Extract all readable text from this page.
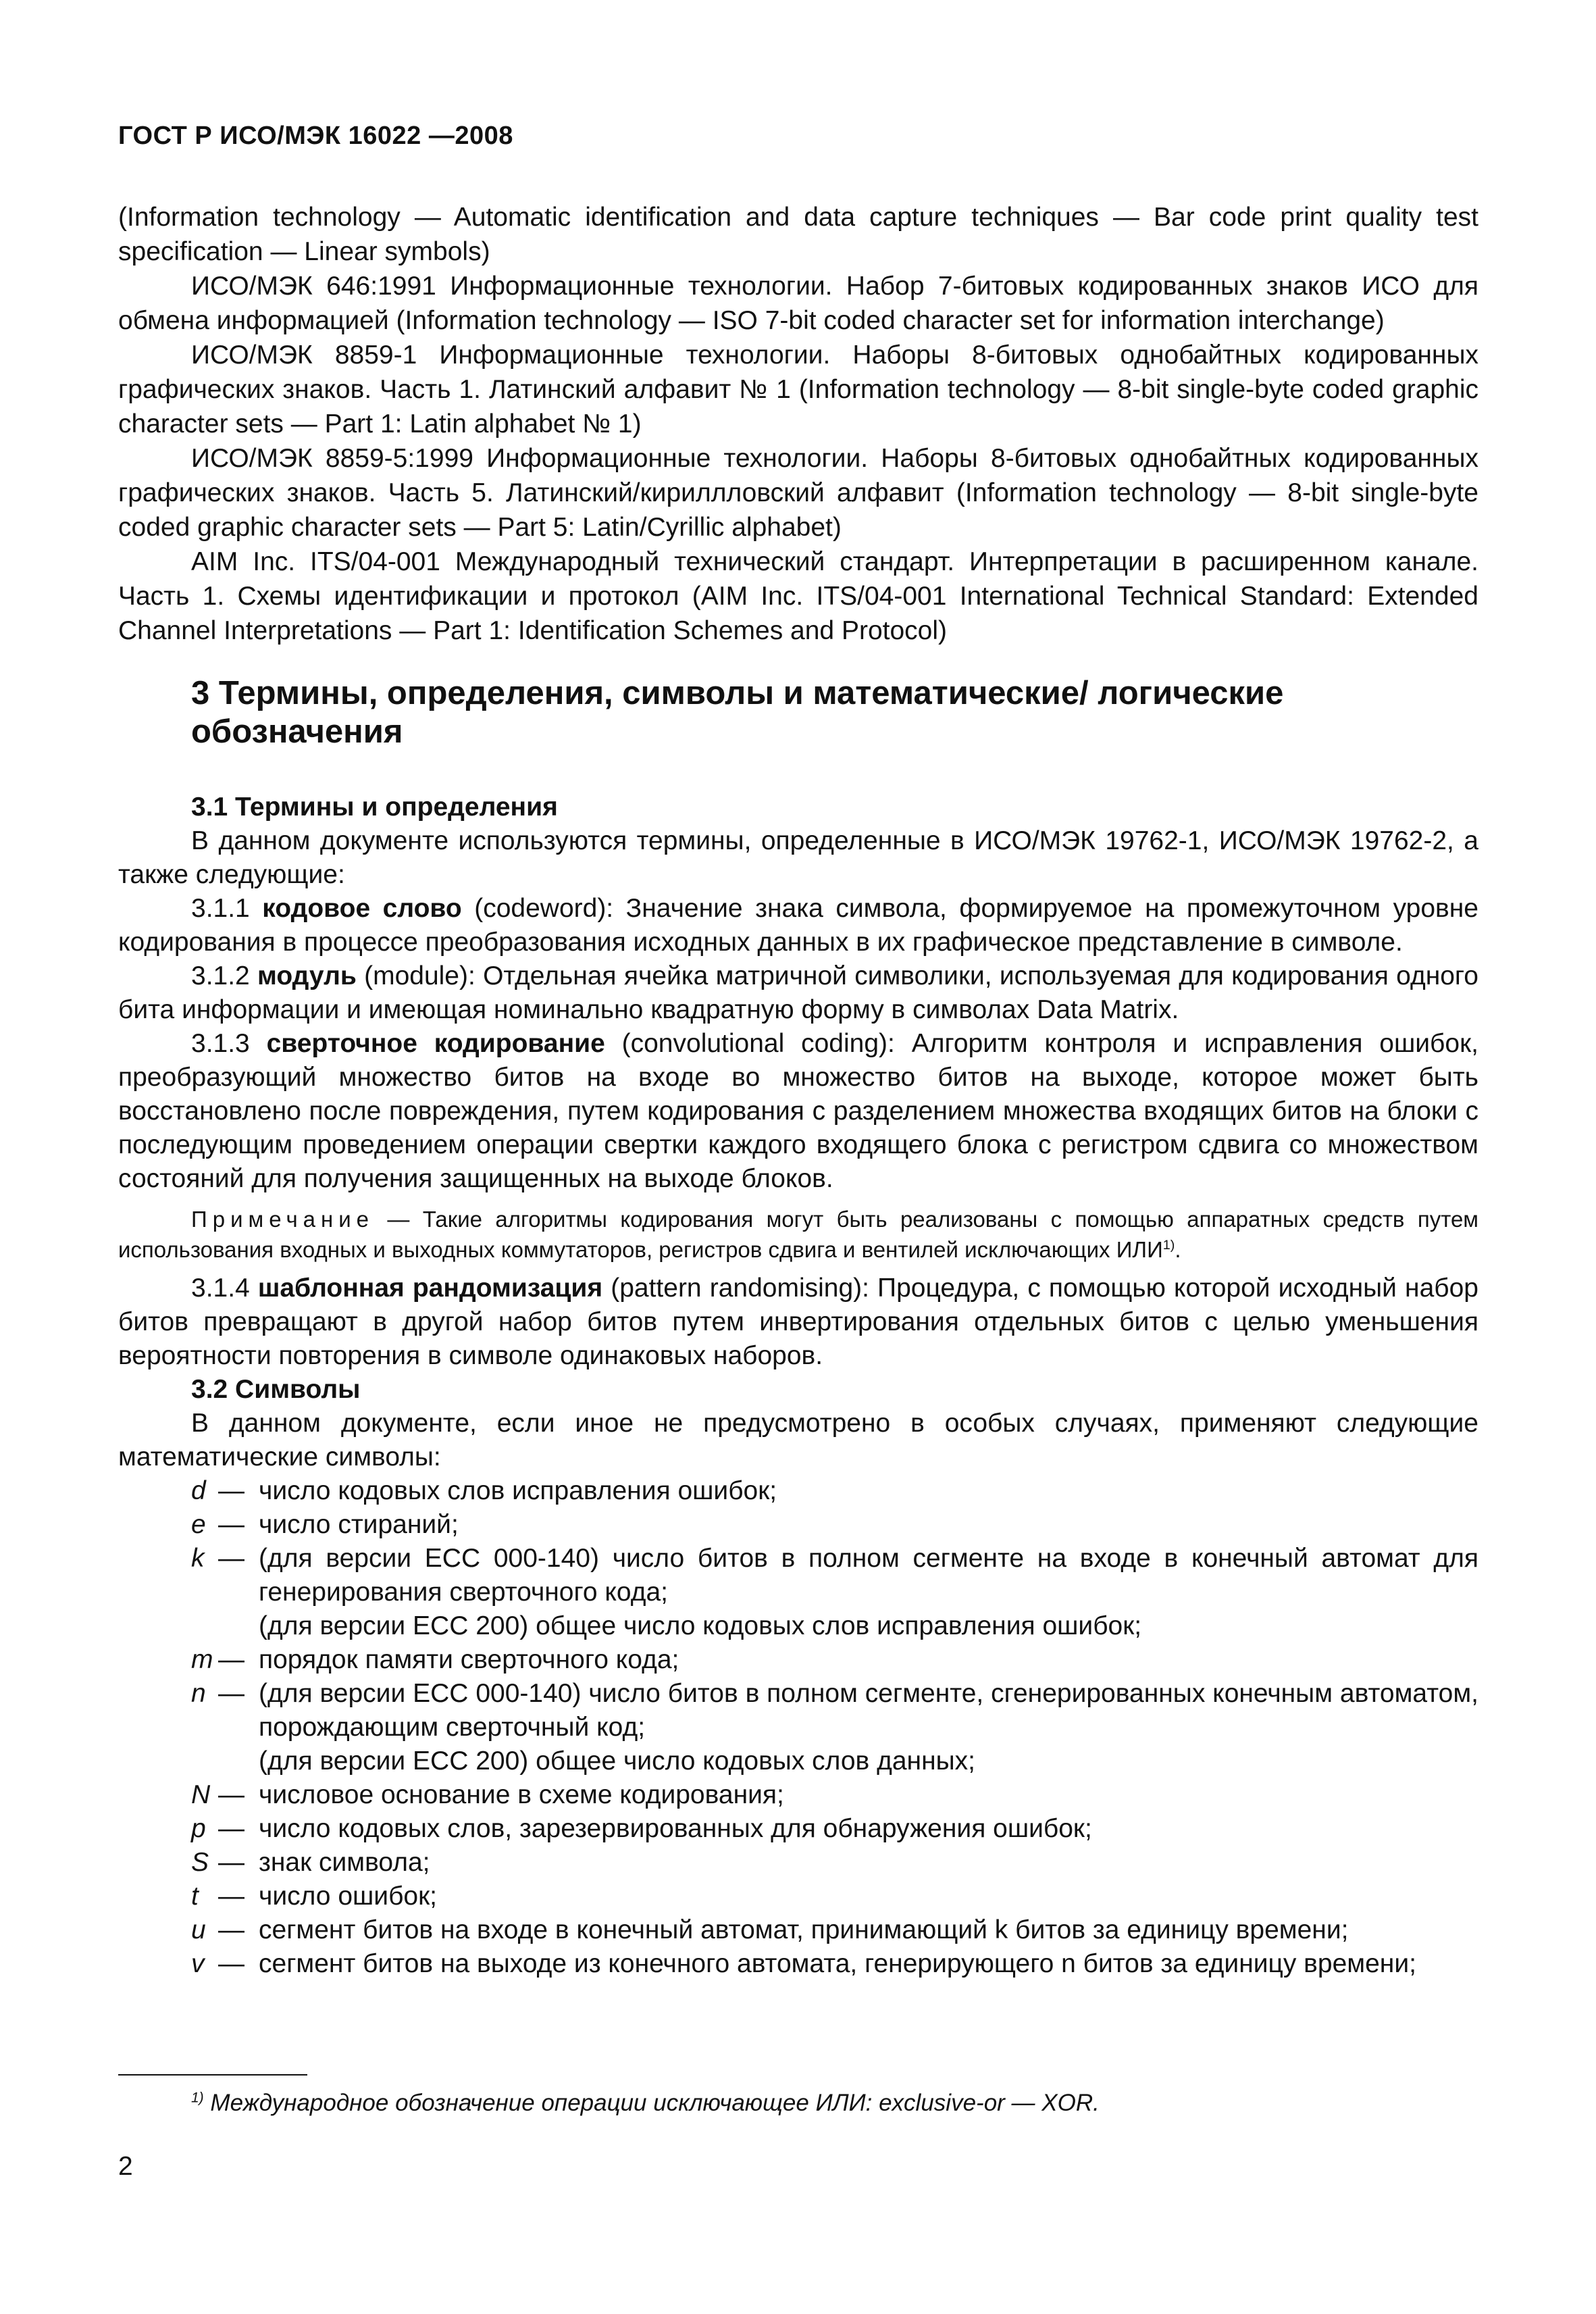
ГОСТ Р ИСО/МЭК 16022 —2008

(Information technology — Automatic identification and data capture techniques — Bar code print quality test specification — Linear symbols)

ИСО/МЭК 646:1991 Информационные технологии. Набор 7-битовых кодированных знаков ИСО для обмена информацией (Information technology — ISO 7-bit coded character set for information interchange)

ИСО/МЭК 8859-1 Информационные технологии. Наборы 8-битовых однобайтных кодированных графических знаков. Часть 1. Латинский алфавит № 1 (Information technology — 8-bit single-byte coded graphic character sets — Part 1: Latin alphabet № 1)

ИСО/МЭК 8859-5:1999 Информационные технологии. Наборы 8-битовых однобайтных кодированных графических знаков. Часть 5. Латинский/кириллловский алфавит (Information technology — 8-bit single-byte coded graphic character sets — Part 5: Latin/Cyrillic alphabet)

AIM Inc. ITS/04-001 Международный технический стандарт. Интерпретации в расширенном канале. Часть 1. Схемы идентификации и протокол (AIM Inc. ITS/04-001 International Technical Standard: Extended Channel Interpretations — Part 1: Identification Schemes and Protocol)

3 Термины, определения, символы и математические/ логические обозначения
3.1 Термины и определения

В данном документе используются термины, определенные в ИСО/МЭК 19762-1, ИСО/МЭК 19762-2, а также следующие:

3.1.1 кодовое слово (codeword): Значение знака символа, формируемое на промежуточном уровне кодирования в процессе преобразования исходных данных в их графическое представление в символе.

3.1.2 модуль (module): Отдельная ячейка матричной символики, используемая для кодирования одного бита информации и имеющая номинально квадратную форму в символах Data Matrix.

3.1.3 сверточное кодирование (convolutional coding): Алгоритм контроля и исправления ошибок, преобразующий множество битов на входе во множество битов на выходе, которое может быть восстановлено после повреждения, путем кодирования с разделением множества входящих битов на блоки с последующим проведением операции свертки каждого входящего блока с регистром сдвига со множеством состояний для получения защищенных на выходе блоков.

Примечание — Такие алгоритмы кодирования могут быть реализованы с помощью аппаратных средств путем использования входных и выходных коммутаторов, регистров сдвига и вентилей исключающих ИЛИ$^{1)}$.

3.1.4 шаблонная рандомизация (pattern randomising): Процедура, с помощью которой исходный набор битов превращают в другой набор битов путем инвертирования отдельных битов с целью уменьшения вероятности повторения в символе одинаковых наборов.

3.2 Символы

В данном документе, если иное не предусмотрено в особых случаях, применяют следующие математические символы:

d — число кодовых слов исправления ошибок;
e — число стираний;
k — (для версии ЕСС 000-140) число битов в полном сегменте на входе в конечный автомат для генерирования сверточного кода;
(для версии ЕСС 200) общее число кодовых слов исправления ошибок;
m — порядок памяти сверточного кода;
n — (для версии ЕСС 000-140) число битов в полном сегменте, сгенерированных конечным автоматом, порождающим сверточный код;
(для версии ЕСС 200) общее число кодовых слов данных;
N — числовое основание в схеме кодирования;
p — число кодовых слов, зарезервированных для обнаружения ошибок;
S — знак символа;
t — число ошибок;
u — сегмент битов на входе в конечный автомат, принимающий k битов за единицу времени;
v — сегмент битов на выходе из конечного автомата, генерирующего n битов за единицу времени;
$^{1)}$ Международное обозначение операции исключающее ИЛИ: exclusive-or — XOR.
2
